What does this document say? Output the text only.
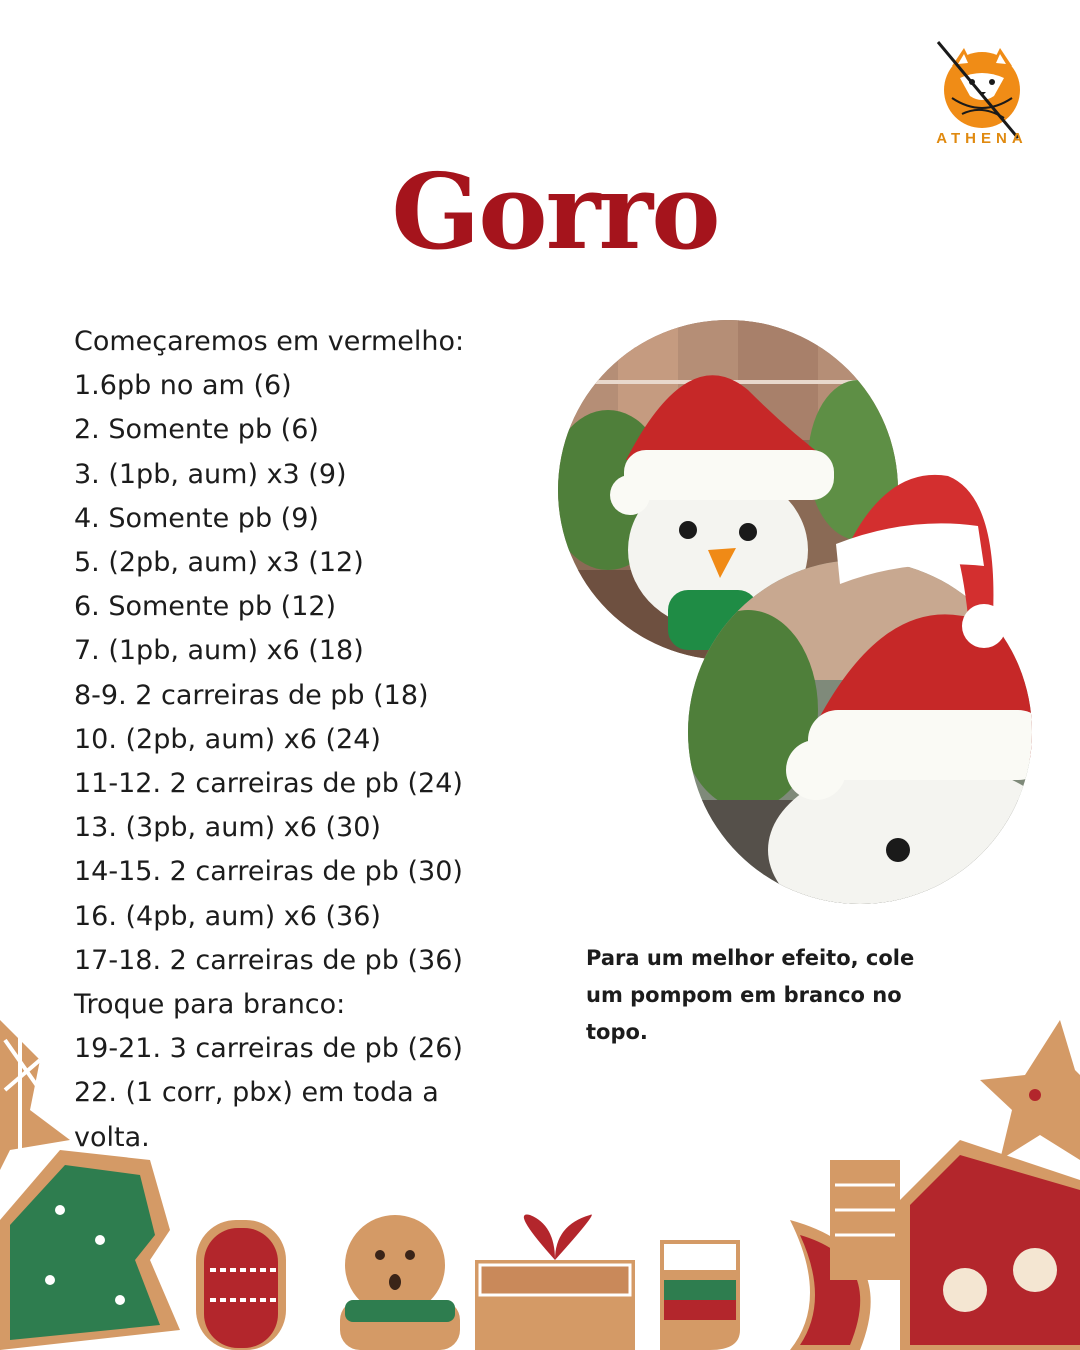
ATHENA
Gorro
Começaremos em vermelho:
1.6pb no am (6)
2. Somente pb (6)
3. (1pb, aum) x3 (9)
4. Somente pb (9)
5. (2pb, aum) x3 (12)
6. Somente pb (12)
7. (1pb, aum) x6 (18)
8-9. 2 carreiras de pb (18)
10. (2pb, aum) x6 (24)
11-12. 2 carreiras de pb (24)
13. (3pb, aum) x6 (30)
14-15. 2 carreiras de pb (30)
16. (4pb, aum) x6 (36)
17-18. 2 carreiras de pb (36)
Troque para branco:
19-21. 3 carreiras de pb (26)
22. (1 corr, pbx) em toda a
volta.
Para um melhor efeito, cole
um pompom em branco no
topo.
